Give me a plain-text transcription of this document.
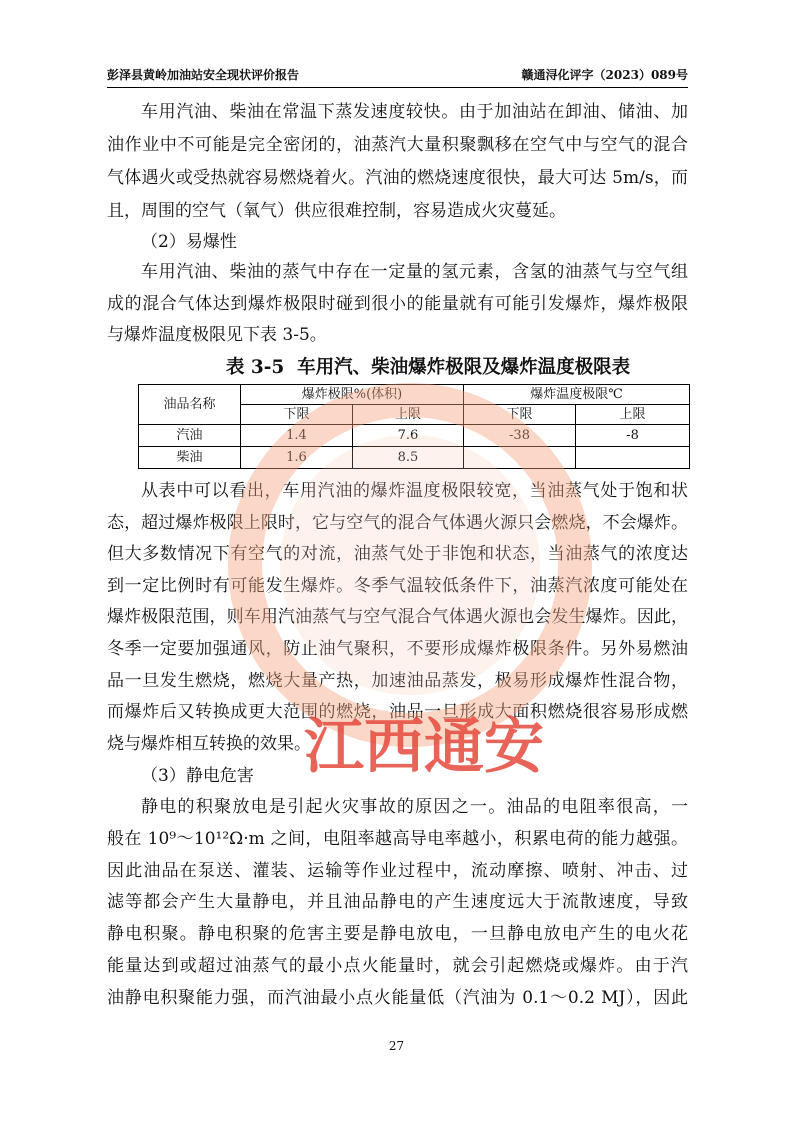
彭泽县黄岭加油站安全现状评价报告	赣通浔化评字（2023）089号
车用汽油、柴油在常温下蒸发速度较快。由于加油站在卸油、储油、加
油作业中不可能是完全密闭的，油蒸汽大量积聚飘移在空气中与空气的混合
气体遇火或受热就容易燃烧着火。汽油的燃烧速度很快，最大可达 5m/s，而
且，周围的空气（氧气）供应很难控制，容易造成火灾蔓延。
（2）易爆性
车用汽油、柴油的蒸气中存在一定量的氢元素，含氢的油蒸气与空气组
成的混合气体达到爆炸极限时碰到很小的能量就有可能引发爆炸，爆炸极限
与爆炸温度极限见下表 3-5。
表 3-5  车用汽、柴油爆炸极限及爆炸温度极限表
油品名称	爆炸极限%(体积)		爆炸温度极限℃	
	下限	上限	下限	上限
汽油	1.4	7.6	-38	-8
柴油	1.6	8.5		
从表中可以看出，车用汽油的爆炸温度极限较宽，当油蒸气处于饱和状
态，超过爆炸极限上限时，它与空气的混合气体遇火源只会燃烧，不会爆炸。
但大多数情况下有空气的对流，油蒸气处于非饱和状态，当油蒸气的浓度达
到一定比例时有可能发生爆炸。冬季气温较低条件下，油蒸汽浓度可能处在
爆炸极限范围，则车用汽油蒸气与空气混合气体遇火源也会发生爆炸。因此，
冬季一定要加强通风，防止油气聚积，不要形成爆炸极限条件。另外易燃油
品一旦发生燃烧，燃烧大量产热，加速油品蒸发，极易形成爆炸性混合物，
而爆炸后又转换成更大范围的燃烧，油品一旦形成大面积燃烧很容易形成燃
烧与爆炸相互转换的效果。
（3）静电危害
静电的积聚放电是引起火灾事故的原因之一。油品的电阻率很高，一
般在 10⁹～10¹²Ω·m 之间，电阻率越高导电率越小，积累电荷的能力越强。
因此油品在泵送、灌装、运输等作业过程中，流动摩擦、喷射、冲击、过
滤等都会产生大量静电，并且油品静电的产生速度远大于流散速度，导致
静电积聚。静电积聚的危害主要是静电放电，一旦静电放电产生的电火花
能量达到或超过油蒸气的最小点火能量时，就会引起燃烧或爆炸。由于汽
油静电积聚能力强，而汽油最小点火能量低（汽油为 0.1～0.2 MJ），因此
27
江西通安
